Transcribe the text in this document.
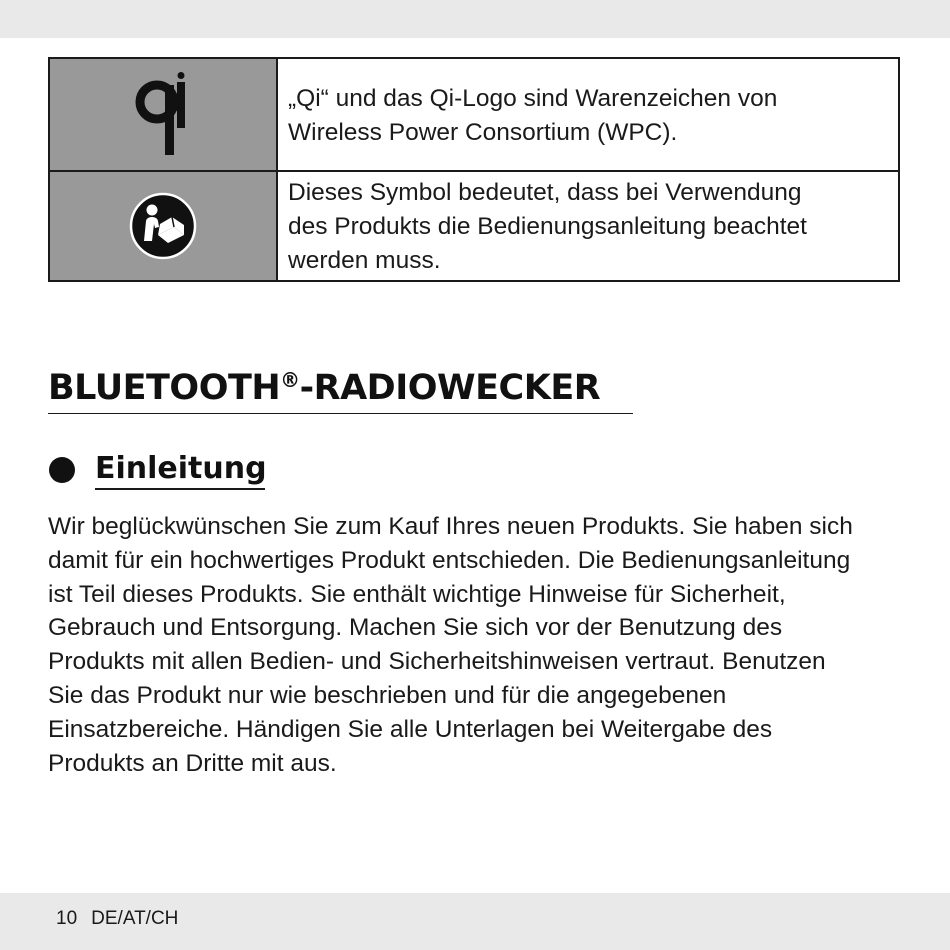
	„Qi“ und das Qi-Logo sind Warenzeichen von
Wireless Power Consortium (WPC).

	Dieses Symbol bedeutet, dass bei Verwendung
des Produkts die Bedienungsanleitung beachtet
werden muss.
BLUETOOTH®-RADIOWECKER
Einleitung

Wir beglückwünschen Sie zum Kauf Ihres neuen Produkts. Sie haben sich
damit für ein hochwertiges Produkt entschieden. Die Bedienungsanleitung
ist Teil dieses Produkts. Sie enthält wichtige Hinweise für Sicherheit,
Gebrauch und Entsorgung. Machen Sie sich vor der Benutzung des
Produkts mit allen Bedien- und Sicherheitshinweisen vertraut. Benutzen
Sie das Produkt nur wie beschrieben und für die angegebenen
Einsatzbereiche. Händigen Sie alle Unterlagen bei Weitergabe des
Produkts an Dritte mit aus.

10 DE/AT/CH
